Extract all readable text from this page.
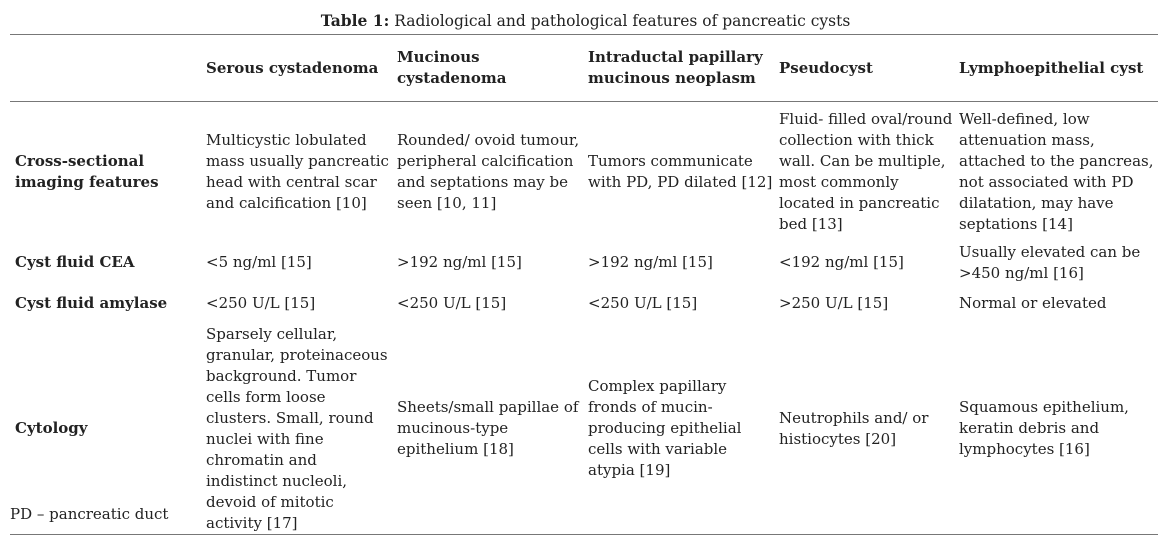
Table 1: Radiological and pathological features of pancreatic cysts
	Serous cystadenoma	Mucinous cystadenoma	Intraductal papillary mucinous neoplasm	Pseudocyst	Lymphoepithelial cyst
Cross-sectional imaging features	Multicystic lobulated mass usually pancreatic head with central scar and calcification [10]	Rounded/ ovoid tumour, peripheral calcification and septations may be seen [10, 11]	Tumors communicate with PD, PD dilated [12]	Fluid- filled oval/round collection with thick wall. Can be multiple, most commonly located in pancreatic bed [13]	Well-defined, low attenuation mass, attached to the pancreas, not associated with PD dilatation, may have septations [14]
Cyst fluid CEA	<5 ng/ml [15]	>192 ng/ml [15]	>192 ng/ml [15]	<192 ng/ml [15]	Usually elevated can be >450 ng/ml [16]
Cyst fluid amylase	<250 U/L [15]	<250 U/L [15]	<250 U/L [15]	>250 U/L [15]	Normal or elevated
Cytology	Sparsely cellular, granular, proteinaceous background. Tumor cells form loose clusters. Small, round nuclei with fine chromatin and indistinct nucleoli, devoid of mitotic activity [17]	Sheets/small papillae of mucinous-type epithelium [18]	Complex papillary fronds of mucin-producing epithelial cells with variable atypia [19]	Neutrophils and/ or histiocytes [20]	Squamous epithelium, keratin debris and lymphocytes [16]
PD – pancreatic duct
